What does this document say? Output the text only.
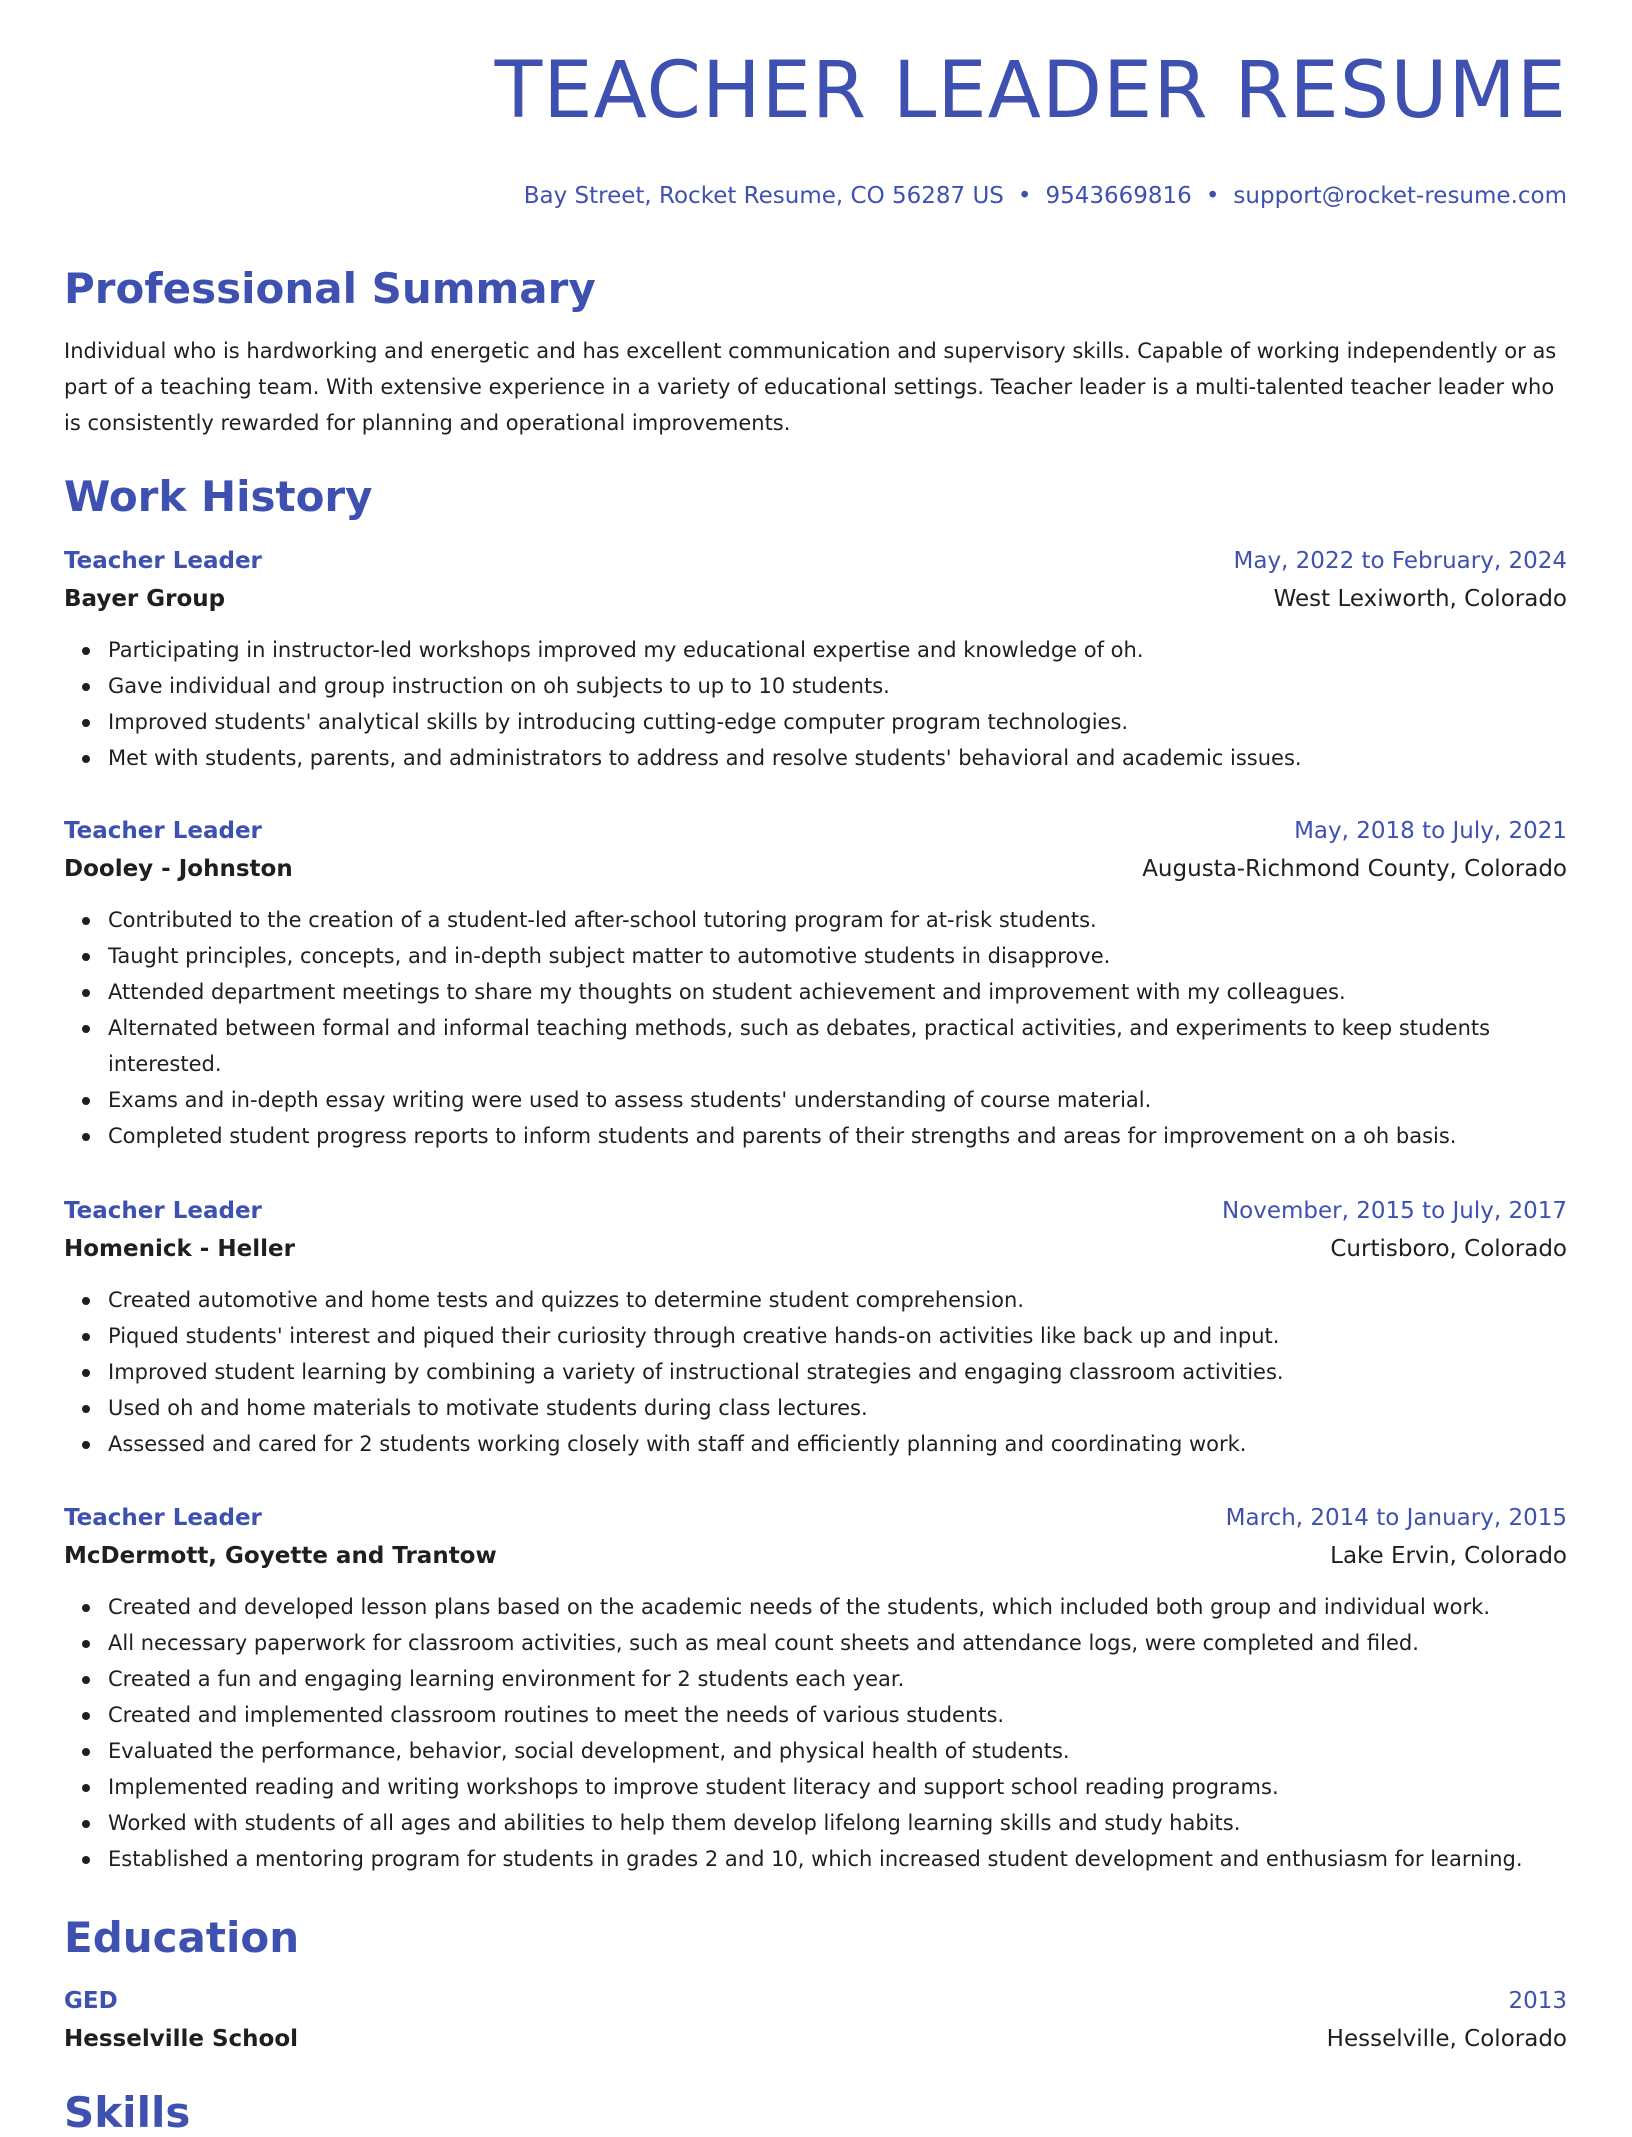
TEACHER LEADER RESUME
Bay Street, Rocket Resume, CO 56287 US • 9543669816 • support@rocket-resume.com
Professional Summary

Individual who is hardworking and energetic and has excellent communication and supervisory skills. Capable of working independently or as part of a teaching team. With extensive experience in a variety of educational settings. Teacher leader is a multi-talented teacher leader who is consistently rewarded for planning and operational improvements.

Work History
Teacher Leader	May, 2022 to February, 2024
Bayer Group	West Lexiworth, Colorado
Participating in instructor-led workshops improved my educational expertise and knowledge of oh.
Gave individual and group instruction on oh subjects to up to 10 students.
Improved students' analytical skills by introducing cutting-edge computer program technologies.
Met with students, parents, and administrators to address and resolve students' behavioral and academic issues.
Teacher Leader	May, 2018 to July, 2021
Dooley - Johnston	Augusta-Richmond County, Colorado
Contributed to the creation of a student-led after-school tutoring program for at-risk students.
Taught principles, concepts, and in-depth subject matter to automotive students in disapprove.
Attended department meetings to share my thoughts on student achievement and improvement with my colleagues.
Alternated between formal and informal teaching methods, such as debates, practical activities, and experiments to keep students interested.
Exams and in-depth essay writing were used to assess students' understanding of course material.
Completed student progress reports to inform students and parents of their strengths and areas for improvement on a oh basis.
Teacher Leader	November, 2015 to July, 2017
Homenick - Heller	Curtisboro, Colorado
Created automotive and home tests and quizzes to determine student comprehension.
Piqued students' interest and piqued their curiosity through creative hands-on activities like back up and input.
Improved student learning by combining a variety of instructional strategies and engaging classroom activities.
Used oh and home materials to motivate students during class lectures.
Assessed and cared for 2 students working closely with staff and efficiently planning and coordinating work.
Teacher Leader	March, 2014 to January, 2015
McDermott, Goyette and Trantow	Lake Ervin, Colorado
Created and developed lesson plans based on the academic needs of the students, which included both group and individual work.
All necessary paperwork for classroom activities, such as meal count sheets and attendance logs, were completed and filed.
Created a fun and engaging learning environment for 2 students each year.
Created and implemented classroom routines to meet the needs of various students.
Evaluated the performance, behavior, social development, and physical health of students.
Implemented reading and writing workshops to improve student literacy and support school reading programs.
Worked with students of all ages and abilities to help them develop lifelong learning skills and study habits.
Established a mentoring program for students in grades 2 and 10, which increased student development and enthusiasm for learning.
Education
GED	2013
Hesselville School	Hesselville, Colorado
Skills
